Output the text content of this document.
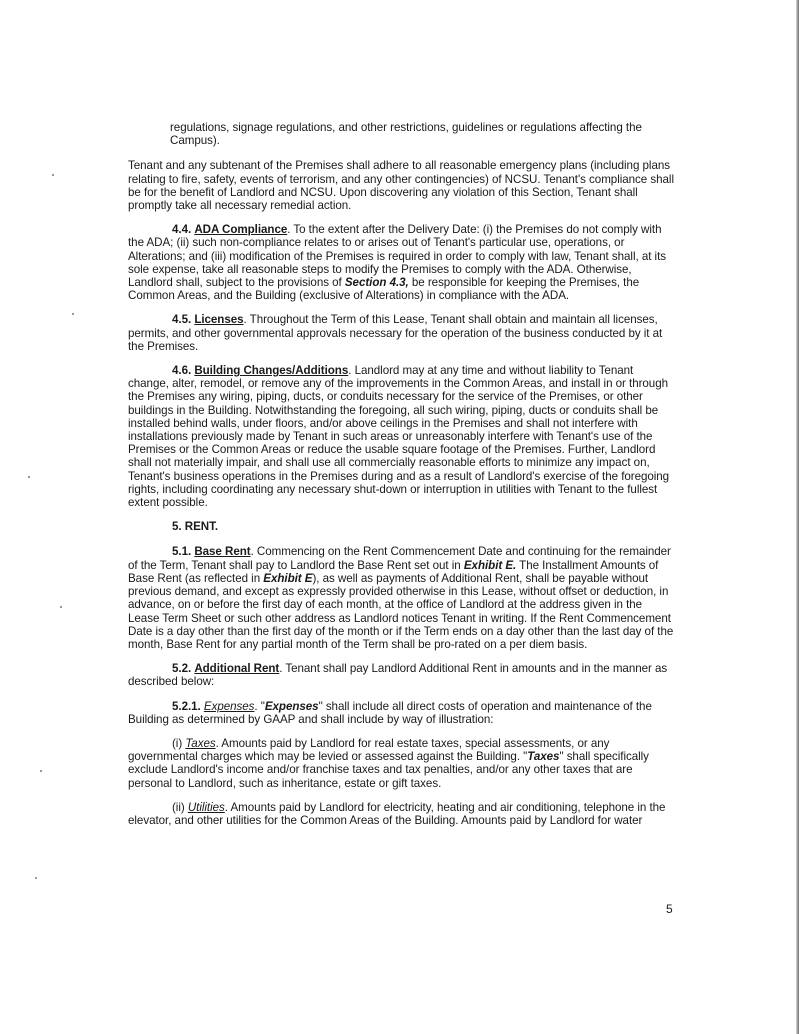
regulations, signage regulations, and other restrictions, guidelines or regulations affecting the Campus).

Tenant and any subtenant of the Premises shall adhere to all reasonable emergency plans (including plans relating to fire, safety, events of terrorism, and any other contingencies) of NCSU. Tenant's compliance shall be for the benefit of Landlord and NCSU. Upon discovering any violation of this Section, Tenant shall promptly take all necessary remedial action.

4.4. ADA Compliance. To the extent after the Delivery Date: (i) the Premises do not comply with the ADA; (ii) such non-compliance relates to or arises out of Tenant's particular use, operations, or Alterations; and (iii) modification of the Premises is required in order to comply with law, Tenant shall, at its sole expense, take all reasonable steps to modify the Premises to comply with the ADA. Otherwise, Landlord shall, subject to the provisions of Section 4.3, be responsible for keeping the Premises, the Common Areas, and the Building (exclusive of Alterations) in compliance with the ADA.

4.5. Licenses. Throughout the Term of this Lease, Tenant shall obtain and maintain all licenses, permits, and other governmental approvals necessary for the operation of the business conducted by it at the Premises.

4.6. Building Changes/Additions. Landlord may at any time and without liability to Tenant change, alter, remodel, or remove any of the improvements in the Common Areas, and install in or through the Premises any wiring, piping, ducts, or conduits necessary for the service of the Premises, or other buildings in the Building. Notwithstanding the foregoing, all such wiring, piping, ducts or conduits shall be installed behind walls, under floors, and/or above ceilings in the Premises and shall not interfere with installations previously made by Tenant in such areas or unreasonably interfere with Tenant's use of the Premises or the Common Areas or reduce the usable square footage of the Premises. Further, Landlord shall not materially impair, and shall use all commercially reasonable efforts to minimize any impact on, Tenant's business operations in the Premises during and as a result of Landlord's exercise of the foregoing rights, including coordinating any necessary shut-down or interruption in utilities with Tenant to the fullest extent possible.

5. RENT.

5.1. Base Rent. Commencing on the Rent Commencement Date and continuing for the remainder of the Term, Tenant shall pay to Landlord the Base Rent set out in Exhibit E. The Installment Amounts of Base Rent (as reflected in Exhibit E), as well as payments of Additional Rent, shall be payable without previous demand, and except as expressly provided otherwise in this Lease, without offset or deduction, in advance, on or before the first day of each month, at the office of Landlord at the address given in the Lease Term Sheet or such other address as Landlord notices Tenant in writing. If the Rent Commencement Date is a day other than the first day of the month or if the Term ends on a day other than the last day of the month, Base Rent for any partial month of the Term shall be pro-rated on a per diem basis.

5.2. Additional Rent. Tenant shall pay Landlord Additional Rent in amounts and in the manner as described below:

5.2.1. Expenses. "Expenses" shall include all direct costs of operation and maintenance of the Building as determined by GAAP and shall include by way of illustration:

(i) Taxes. Amounts paid by Landlord for real estate taxes, special assessments, or any governmental charges which may be levied or assessed against the Building. "Taxes" shall specifically exclude Landlord's income and/or franchise taxes and tax penalties, and/or any other taxes that are personal to Landlord, such as inheritance, estate or gift taxes.

(ii) Utilities. Amounts paid by Landlord for electricity, heating and air conditioning, telephone in the elevator, and other utilities for the Common Areas of the Building. Amounts paid by Landlord for water

5
